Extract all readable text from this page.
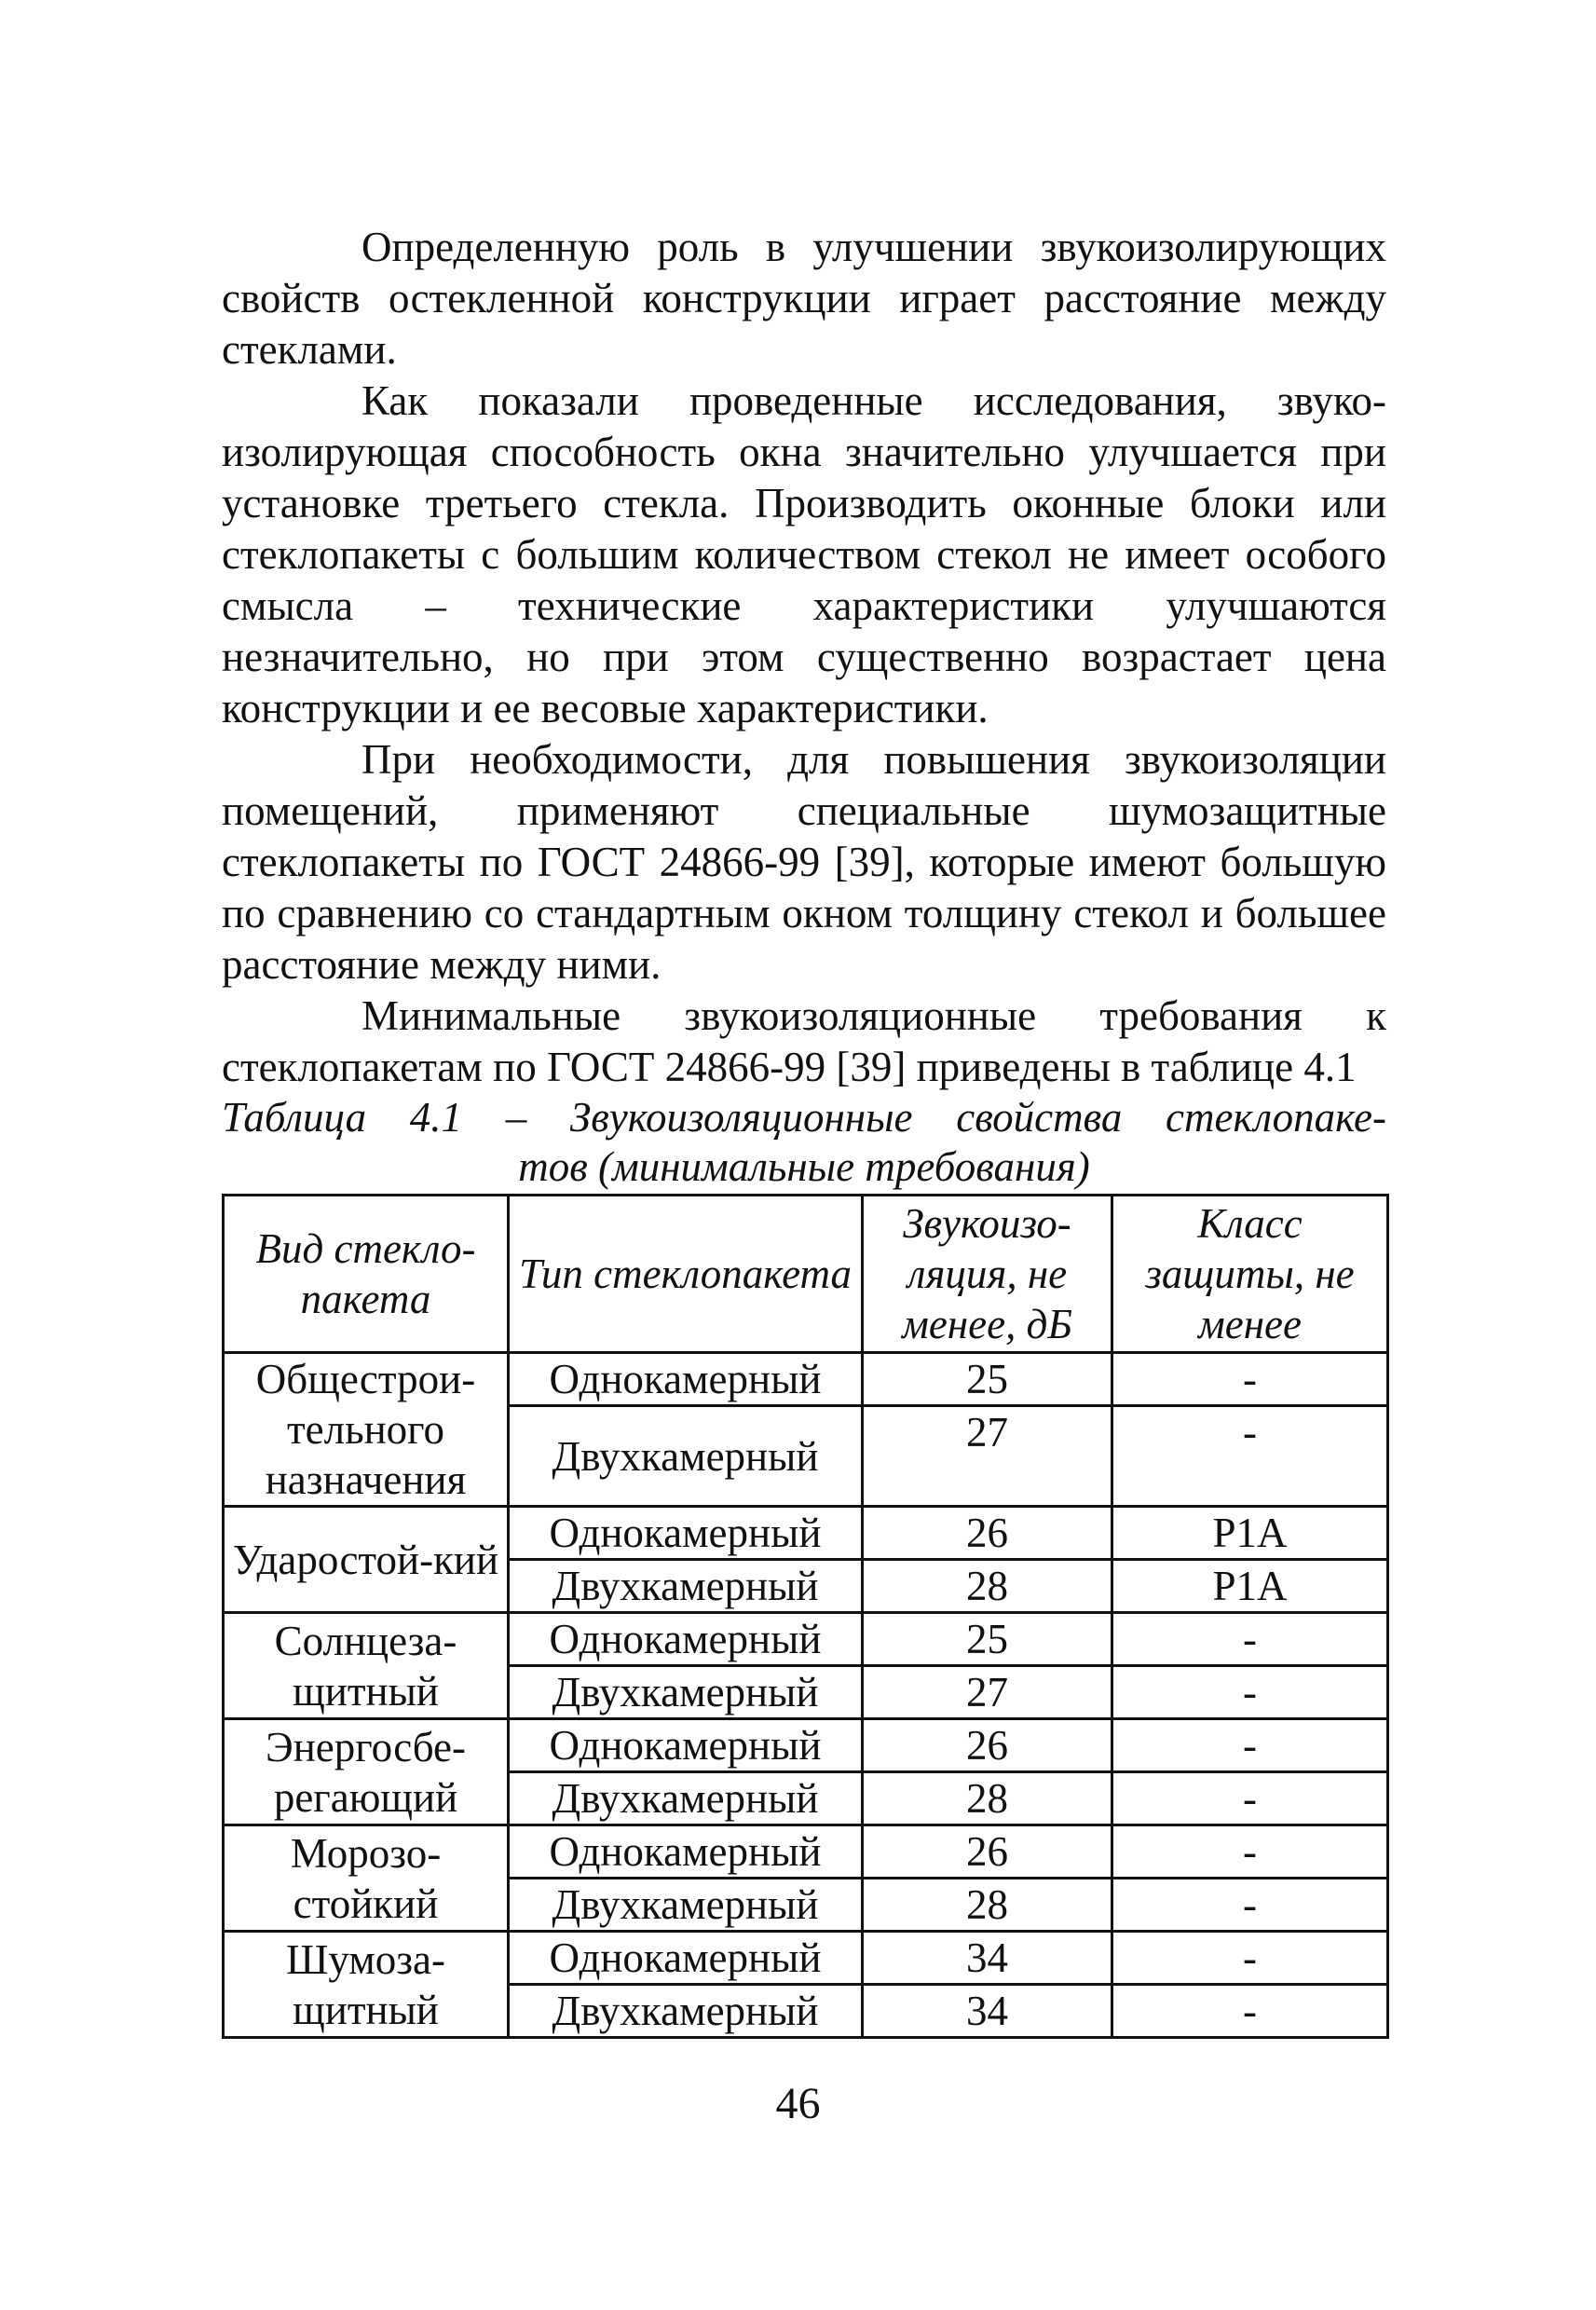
Определенную роль в улучшении звукоизолирующих свойств остекленной конструкции играет расстояние между стеклами.

Как показали проведенные исследования, звукоизолирующая способность окна значительно улучшается при установке третьего стекла. Производить оконные блоки или стеклопакеты с большим количеством стекол не имеет особого смысла – технические характеристики улучшаются незначительно, но при этом существенно возрастает цена конструкции и ее весовые характеристики.

При необходимости, для повышения звукоизоляции помещений, применяют специальные шумозащитные стеклопакеты по ГОСТ 24866-99 [39], которые имеют большую по сравнению со стандартным окном толщину стекол и большее расстояние между ними.

Минимальные звукоизоляционные требования к стеклопакетам по ГОСТ 24866-99 [39] приведены в таблице 4.1

Таблица 4.1 – Звукоизоляционные свойства стеклопаке-
тов (минимальные требования)

Вид стекло-пакета	Тип стеклопакета	Звукоизо-ляция, не менее, дБ	Класс защиты, не менее
Общестрои-тельного назначения	Однокамерный	25	-
	Двухкамерный	27	-
Ударостой-кий	Однокамерный	26	P1A
	Двухкамерный	28	P1A
Солнцеза-щитный	Однокамерный	25	-
	Двухкамерный	27	-
Энергосбе-регающий	Однокамерный	26	-
	Двухкамерный	28	-
Морозо-стойкий	Однокамерный	26	-
	Двухкамерный	28	-
Шумоза-щитный	Однокамерный	34	-
	Двухкамерный	34	-
46
